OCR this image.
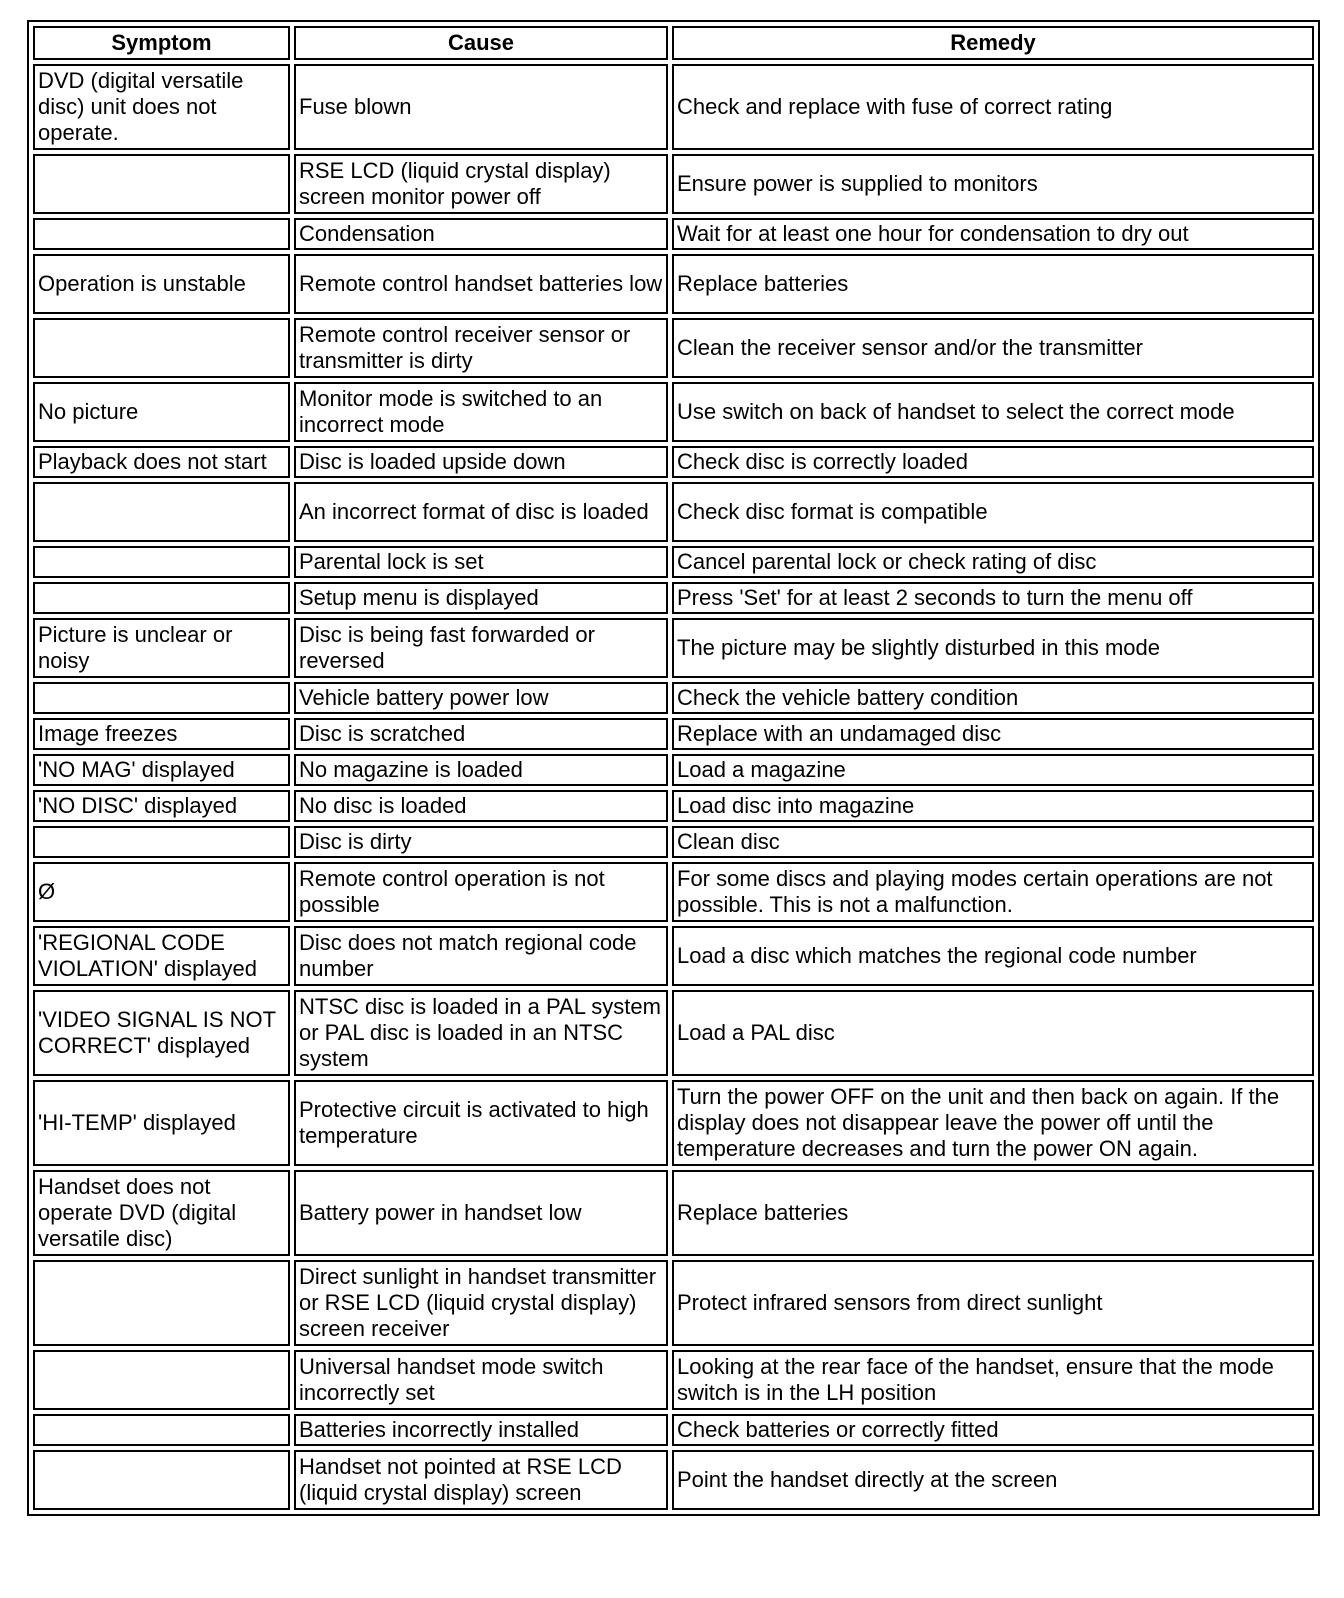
Symptom	Cause	Remedy
DVD (digital versatile disc) unit does not operate.	Fuse blown	Check and replace with fuse of correct rating
	RSE LCD (liquid crystal display) screen monitor power off	Ensure power is supplied to monitors
	Condensation	Wait for at least one hour for condensation to dry out
Operation is unstable	Remote control handset batteries low	Replace batteries
	Remote control receiver sensor or transmitter is dirty	Clean the receiver sensor and/or the transmitter
No picture	Monitor mode is switched to an incorrect mode	Use switch on back of handset to select the correct mode
Playback does not start	Disc is loaded upside down	Check disc is correctly loaded
	An incorrect format of disc is loaded	Check disc format is compatible
	Parental lock is set	Cancel parental lock or check rating of disc
	Setup menu is displayed	Press 'Set' for at least 2 seconds to turn the menu off
Picture is unclear or noisy	Disc is being fast forwarded or reversed	The picture may be slightly disturbed in this mode
	Vehicle battery power low	Check the vehicle battery condition
Image freezes	Disc is scratched	Replace with an undamaged disc
'NO MAG' displayed	No magazine is loaded	Load a magazine
'NO DISC' displayed	No disc is loaded	Load disc into magazine
	Disc is dirty	Clean disc
Ø	Remote control operation is not possible	For some discs and playing modes certain operations are not possible. This is not a malfunction.
'REGIONAL CODE VIOLATION' displayed	Disc does not match regional code number	Load a disc which matches the regional code number
'VIDEO SIGNAL IS NOT CORRECT' displayed	NTSC disc is loaded in a PAL system or PAL disc is loaded in an NTSC system	Load a PAL disc
'HI-TEMP' displayed	Protective circuit is activated to high temperature	Turn the power OFF on the unit and then back on again. If the display does not disappear leave the power off until the temperature decreases and turn the power ON again.
Handset does not operate DVD (digital versatile disc)	Battery power in handset low	Replace batteries
	Direct sunlight in handset transmitter or RSE LCD (liquid crystal display) screen receiver	Protect infrared sensors from direct sunlight
	Universal handset mode switch incorrectly set	Looking at the rear face of the handset, ensure that the mode switch is in the LH position
	Batteries incorrectly installed	Check batteries or correctly fitted
	Handset not pointed at RSE LCD (liquid crystal display) screen	Point the handset directly at the screen
